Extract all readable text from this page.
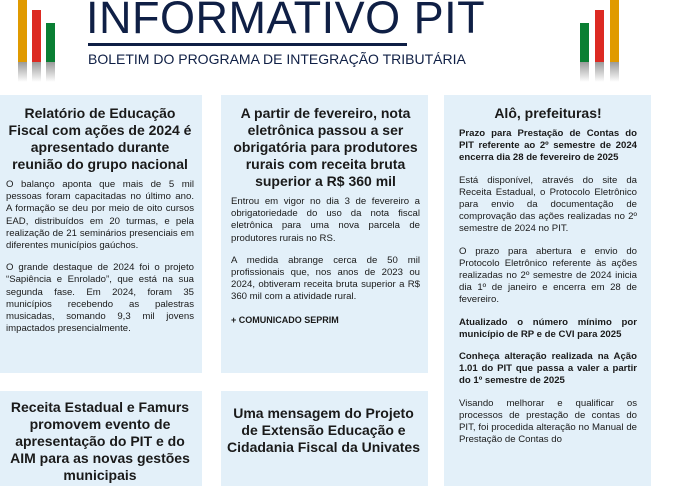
INFORMATIVO PIT
BOLETIM DO PROGRAMA DE INTEGRAÇÃO TRIBUTÁRIA
Relatório de Educação Fiscal com ações de 2024 é apresentado durante reunião do grupo nacional

O balanço aponta que mais de 5 mil pessoas foram capacitadas no último ano. A formação se deu por meio de oito cursos EAD, distribuídos em 20 turmas, e pela realização de 21 seminários presenciais em diferentes municípios gaúchos.

O grande destaque de 2024 foi o projeto “Sapiência e Enrolado”, que está na sua segunda fase. Em 2024, foram 35 municípios recebendo as palestras musicadas, somando 9,3 mil jovens impactados presencialmente.

A partir de fevereiro, nota eletrônica passou a ser obrigatória para produtores rurais com receita bruta superior a R$ 360 mil

Entrou em vigor no dia 3 de fevereiro a obrigatoriedade do uso da nota fiscal eletrônica para uma nova parcela de produtores rurais no RS.

A medida abrange cerca de 50 mil profissionais que, nos anos de 2023 ou 2024, obtiveram receita bruta superior a R$ 360 mil com a atividade rural.

+ COMUNICADO SEPRIM

Alô, prefeituras!

Prazo para Prestação de Contas do PIT referente ao 2º semestre de 2024 encerra dia 28 de fevereiro de 2025

Está disponível, através do site da Receita Estadual, o Protocolo Eletrônico para envio da documentação de comprovação das ações realizadas no 2º semestre de 2024 no PIT.

O prazo para abertura e envio do Protocolo Eletrônico referente às ações realizadas no 2º semestre de 2024 inicia dia 1º de janeiro e encerra em 28 de fevereiro.

Atualizado o número mínimo por município de RP e de CVI para 2025

Conheça alteração realizada na Ação 1.01 do PIT que passa a valer a partir do 1º semestre de 2025

Visando melhorar e qualificar os processos de prestação de contas do PIT, foi procedida alteração no Manual de Prestação de Contas do

Receita Estadual e Famurs promovem evento de apresentação do PIT e do AIM para as novas gestões municipais
Uma mensagem do Projeto de Extensão Educação e Cidadania Fiscal da Univates
